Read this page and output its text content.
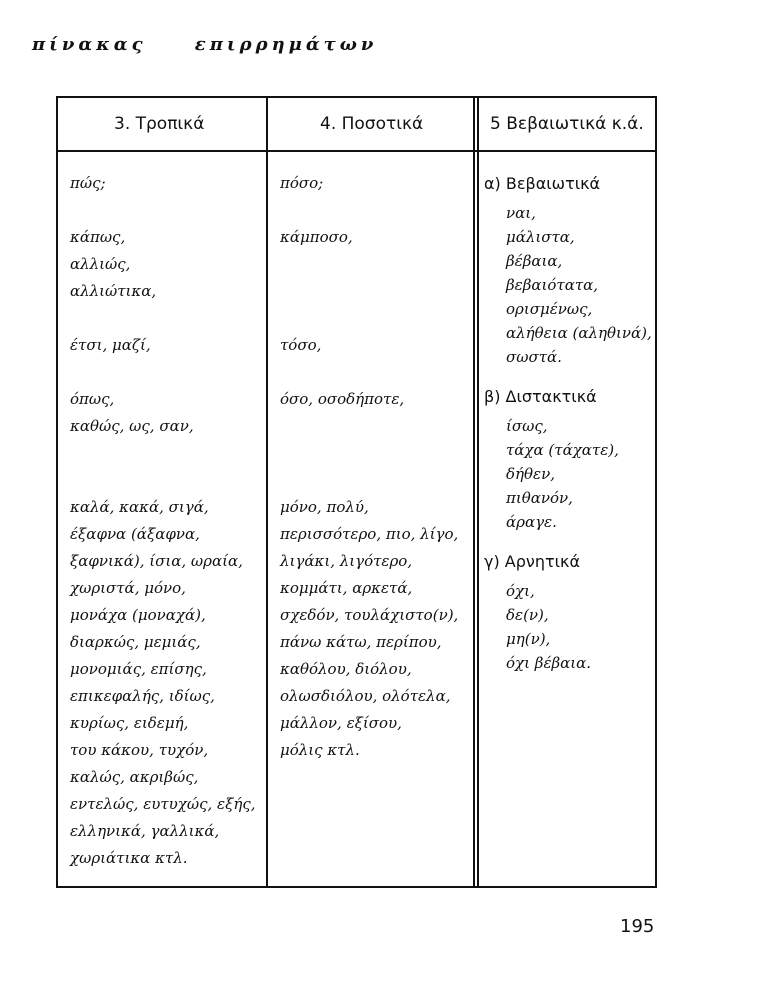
πίνακας επιρρημάτων
3. Τροπικά	4. Ποσοτικά	5 Βεβαιωτικά κ.ά.
πώς;

κάπως,
αλλιώς,
αλλιώτικα,

έτσι, μαζί,

όπως,
καθώς, ως, σαν,

καλά, κακά, σιγά,
έξαφνα (άξαφνα,
ξαφνικά), ίσια, ωραία,
χωριστά, μόνο,
μονάχα (μοναχά),
διαρκώς, μεμιάς,
μονομιάς, επίσης,
επικεφαλής, ιδίως,
κυρίως, ειδεμή,
του κάκου, τυχόν,
καλώς, ακριβώς,
εντελώς, ευτυχώς, εξής,
ελληνικά, γαλλικά,
χωριάτικα κτλ.
πόσο;

κάμποσο,

τόσο,

όσο, οσοδήποτε,

μόνο, πολύ,
περισσότερο, πιο, λίγο,
λιγάκι, λιγότερο,
κομμάτι, αρκετά,
σχεδόν, τουλάχιστο(ν),
πάνω κάτω, περίπου,
καθόλου, διόλου,
ολωσδιόλου, ολότελα,
μάλλον, εξίσου,
μόλις κτλ.
α) Βεβαιωτικά
ναι,
μάλιστα,
βέβαια,
βεβαιότατα,
ορισμένως,
αλήθεια (αληθινά),
σωστά.
β) Διστακτικά
ίσως,
τάχα (τάχατε),
δήθεν,
πιθανόν,
άραγε.
γ) Αρνητικά
όχι,
δε(ν),
μη(ν),
όχι βέβαια.
195
